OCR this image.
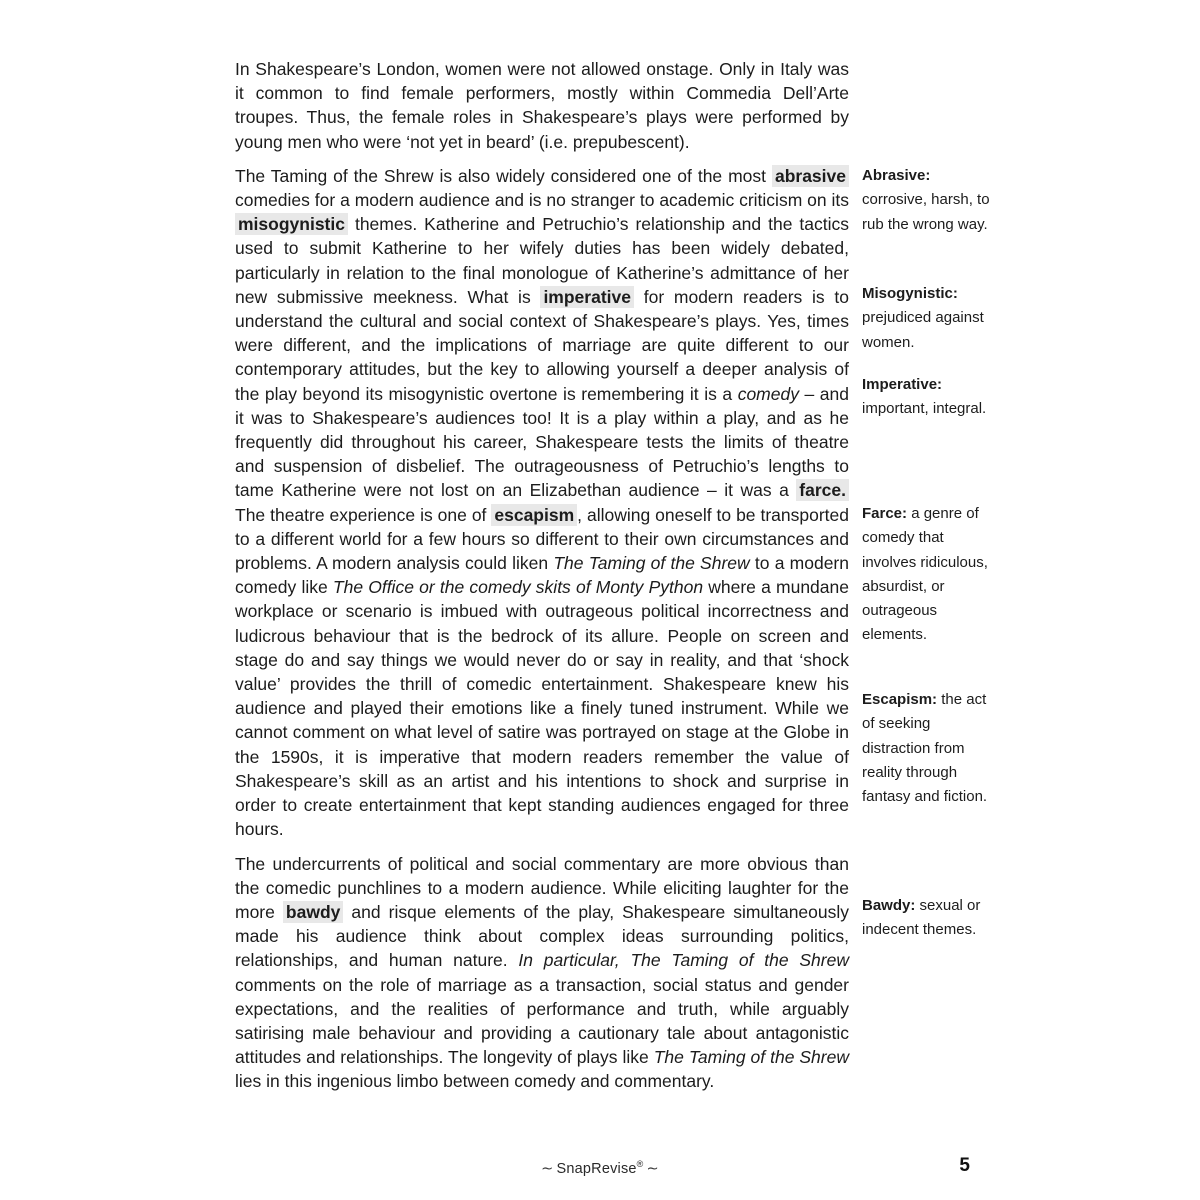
In Shakespeare’s London, women were not allowed onstage. Only in Italy was it common to find female performers, mostly within Commedia Dell’Arte troupes. Thus, the female roles in Shakespeare’s plays were performed by young men who were ‘not yet in beard’ (i.e. prepubescent).

The Taming of the Shrew is also widely considered one of the most abrasive comedies for a modern audience and is no stranger to academic criticism on its misogynistic themes. Katherine and Petruchio’s relationship and the tactics used to submit Katherine to her wifely duties has been widely debated, particularly in relation to the final monologue of Katherine’s admittance of her new submissive meekness. What is imperative for modern readers is to understand the cultural and social context of Shakespeare’s plays. Yes, times were different, and the implications of marriage are quite different to our contemporary attitudes, but the key to allowing yourself a deeper analysis of the play beyond its misogynistic overtone is remembering it is a comedy – and it was to Shakespeare’s audiences too! It is a play within a play, and as he frequently did throughout his career, Shakespeare tests the limits of theatre and suspension of disbelief. The outrageousness of Petruchio’s lengths to tame Katherine were not lost on an Elizabethan audience – it was a farce. The theatre experience is one of escapism , allowing oneself to be transported to a different world for a few hours so different to their own circumstances and problems. A modern analysis could liken The Taming of the Shrew to a modern comedy like The Office or the comedy skits of Monty Python where a mundane workplace or scenario is imbued with outrageous political incorrectness and ludicrous behaviour that is the bedrock of its allure. People on screen and stage do and say things we would never do or say in reality, and that ‘shock value’ provides the thrill of comedic entertainment. Shakespeare knew his audience and played their emotions like a finely tuned instrument. While we cannot comment on what level of satire was portrayed on stage at the Globe in the 1590s, it is imperative that modern readers remember the value of Shakespeare’s skill as an artist and his intentions to shock and surprise in order to create entertainment that kept standing audiences engaged for three hours.

The undercurrents of political and social commentary are more obvious than the comedic punchlines to a modern audience. While eliciting laughter for the more bawdy and risque elements of the play, Shakespeare simultaneously made his audience think about complex ideas surrounding politics, relationships, and human nature. In particular, The Taming of the Shrew comments on the role of marriage as a transaction, social status and gender expectations, and the realities of performance and truth, while arguably satirising male behaviour and providing a cautionary tale about antagonistic attitudes and relationships. The longevity of plays like The Taming of the Shrew lies in this ingenious limbo between comedy and commentary.

Abrasive: corrosive, harsh, to rub the wrong way.
Misogynistic: prejudiced against women.
Imperative: important, integral.
Farce: a genre of comedy that involves ridiculous, absurdist, or outrageous elements.
Escapism: the act of seeking distraction from reality through fantasy and fiction.
Bawdy: sexual or indecent themes.
∼ SnapRevise® ∼	5
